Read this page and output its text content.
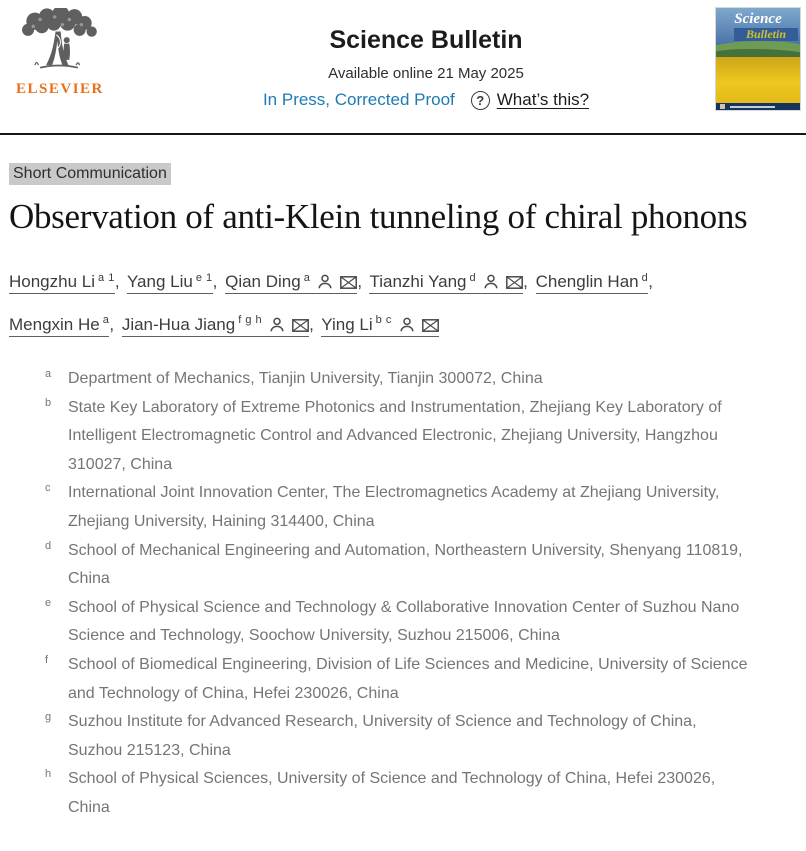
ELSEVIER
Science Bulletin
Available online 21 May 2025
In Press, Corrected Proof	? What’s this?
Science
Bulletin
Short Communication
Observation of anti-Klein tunneling of chiral phonons
Hongzhu Li $^{a 1}$, Yang Liu $^{e 1}$, Qian Ding $^a$	, Tianzhi Yang $^d$	, Chenglin Han $^d$, Mengxin He $^a$, Jian-Hua Jiang $^{f g h}$	, Ying Li $^{b c}$
a	Department of Mechanics, Tianjin University, Tianjin 300072, China
b	State Key Laboratory of Extreme Photonics and Instrumentation, Zhejiang Key Laboratory of Intelligent Electromagnetic Control and Advanced Electronic, Zhejiang University, Hangzhou 310027, China
c	International Joint Innovation Center, The Electromagnetics Academy at Zhejiang University, Zhejiang University, Haining 314400, China
d	School of Mechanical Engineering and Automation, Northeastern University, Shenyang 110819, China
e	School of Physical Science and Technology & Collaborative Innovation Center of Suzhou Nano Science and Technology, Soochow University, Suzhou 215006, China
f	School of Biomedical Engineering, Division of Life Sciences and Medicine, University of Science and Technology of China, Hefei 230026, China
g	Suzhou Institute for Advanced Research, University of Science and Technology of China, Suzhou 215123, China
h	School of Physical Sciences, University of Science and Technology of China, Hefei 230026, China
